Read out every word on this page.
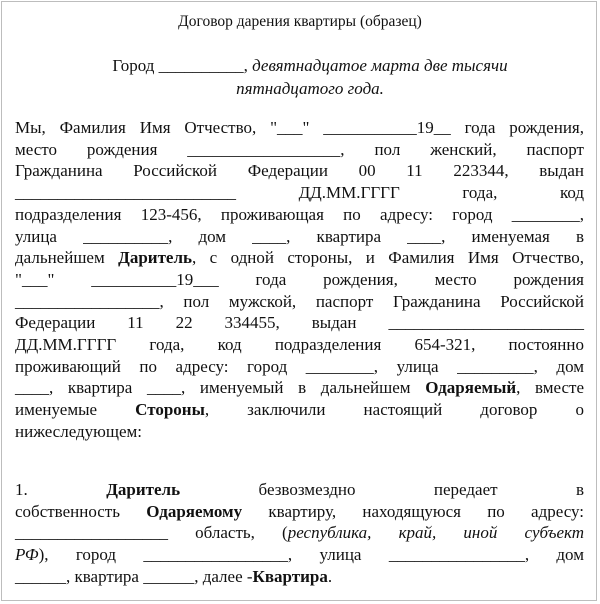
Договор дарения квартиры (образец)
Город __________, девятнадцатое марта две тысячи
пятнадцатого года.
Мы, Фамилия Имя Отчество, "___" ___________19__ года рождения,
место рождения __________________, пол женский, паспорт
Гражданина Российской Федерации 00 11 223344, выдан
__________________________ ДД.ММ.ГГГГ года, код
подразделения 123-456, проживающая по адресу: город ________,
улица __________, дом ____, квартира ____, именуемая в
дальнейшем Даритель, с одной стороны, и Фамилия Имя Отчество,
"___" __________19___ года рождения, место рождения
_________________, пол мужской, паспорт Гражданина Российской
Федерации 11 22 334455, выдан _______________________
ДД.ММ.ГГГГ года, код подразделения 654-321, постоянно
проживающий по адресу: город ________, улица _________, дом
____, квартира ____, именуемый в дальнейшем Одаряемый, вместе
именуемые Стороны, заключили настоящий договор о
нижеследующем:
1.	Даритель	безвозмездно передает в
собственность Одаряемому квартиру, находящуюся по адресу:
__________________ область, (республика, край, иной субъект
РФ), город _________________, улица ________________, дом
______, квартира ______, далее -Квартира.
